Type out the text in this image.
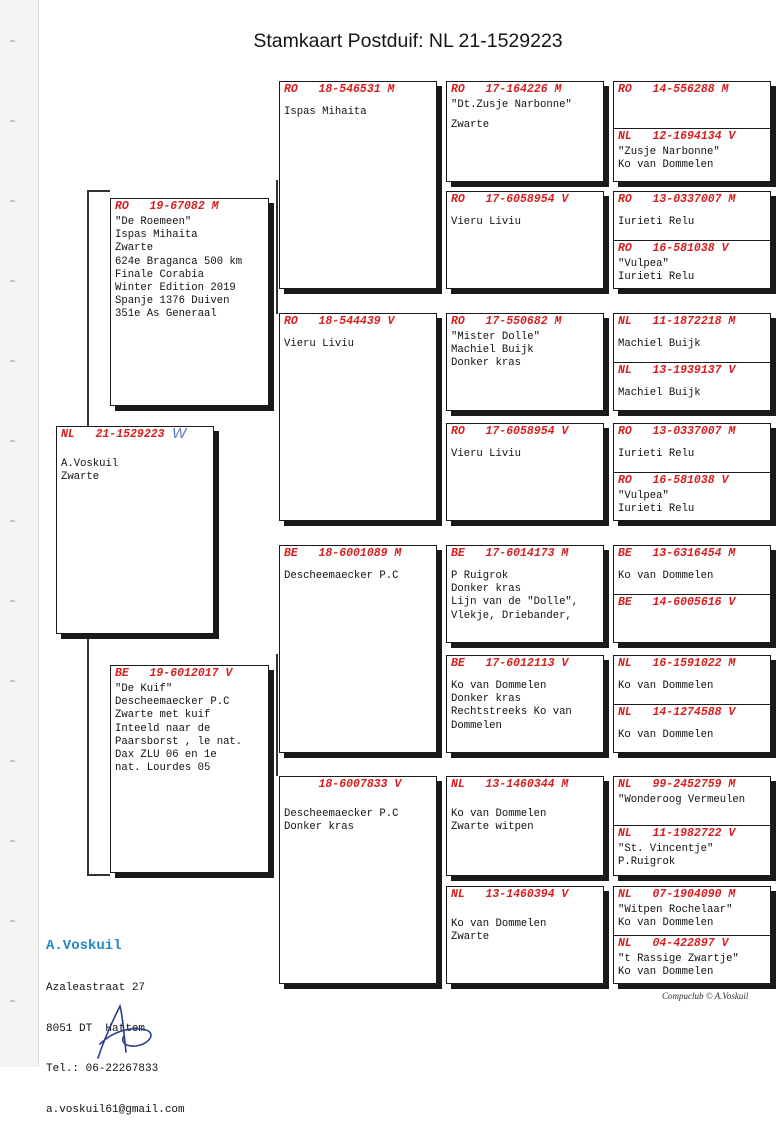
Stamkaart Postduif: NL 21-1529223
NL   21-1529223
A.Voskuil
Zwarte
W
RO   19-67082 M
"De Roemeen"
Ispas Mihaita
Zwarte
624e Braganca 500 km
Finale Corabia
Winter Edition 2019
Spanje 1376 Duiven
351e As Generaal
BE   19-6012017 V
"De Kuif"
Descheemaecker P.C
Zwarte met kuif
Inteeld naar de
Paarsborst , le nat.
Dax ZLU 06 en 1e
nat. Lourdes 05
RO   18-546531 M
Ispas Mihaita
RO   18-544439 V
Vieru Liviu
BE   18-6001089 M
Descheemaecker P.C
18-6007833 V
Descheemaecker P.C
Donker kras
RO   17-164226 M
"Dt.Zusje Narbonne"
Zwarte
RO   17-6058954 V
Vieru Liviu
RO   17-550682 M
"Mister Dolle"
Machiel Buijk
Donker kras
RO   17-6058954 V
Vieru Liviu
BE   17-6014173 M
P Ruigrok
Donker kras
Lijn van de "Dolle",
Vlekje, Driebander,
BE   17-6012113 V
Ko van Dommelen
Donker kras
Rechtstreeks Ko van
Dommelen
NL   13-1460344 M
Ko van Dommelen
Zwarte witpen
NL   13-1460394 V
Ko van Dommelen
Zwarte
RO   14-556288 M
NL   12-1694134 V
"Zusje Narbonne"
Ko van Dommelen
RO   13-0337007 M
Iurieti Relu
RO   16-581038 V
"Vulpea"
Iurieti Relu
NL   11-1872218 M
Machiel Buijk
NL   13-1939137 V
Machiel Buijk
RO   13-0337007 M
Iurieti Relu
RO   16-581038 V
"Vulpea"
Iurieti Relu
BE   13-6316454 M
Ko van Dommelen
BE   14-6005616 V
NL   16-1591022 M
Ko van Dommelen
NL   14-1274588 V
Ko van Dommelen
NL   99-2452759 M
"Wonderoog Vermeulen
NL   11-1982722 V
"St. Vincentje"
P.Ruigrok
NL   07-1904090 M
"Witpen Rochelaar"
Ko van Dommelen
NL   04-422897 V
"t Rassige Zwartje"
Ko van Dommelen

A.Voskuil

Azaleastraat 27

8051 DT  Hattem

Tel.: 06-22267833

a.voskuil61@gmail.com

Compuclub © A.Voskuil
